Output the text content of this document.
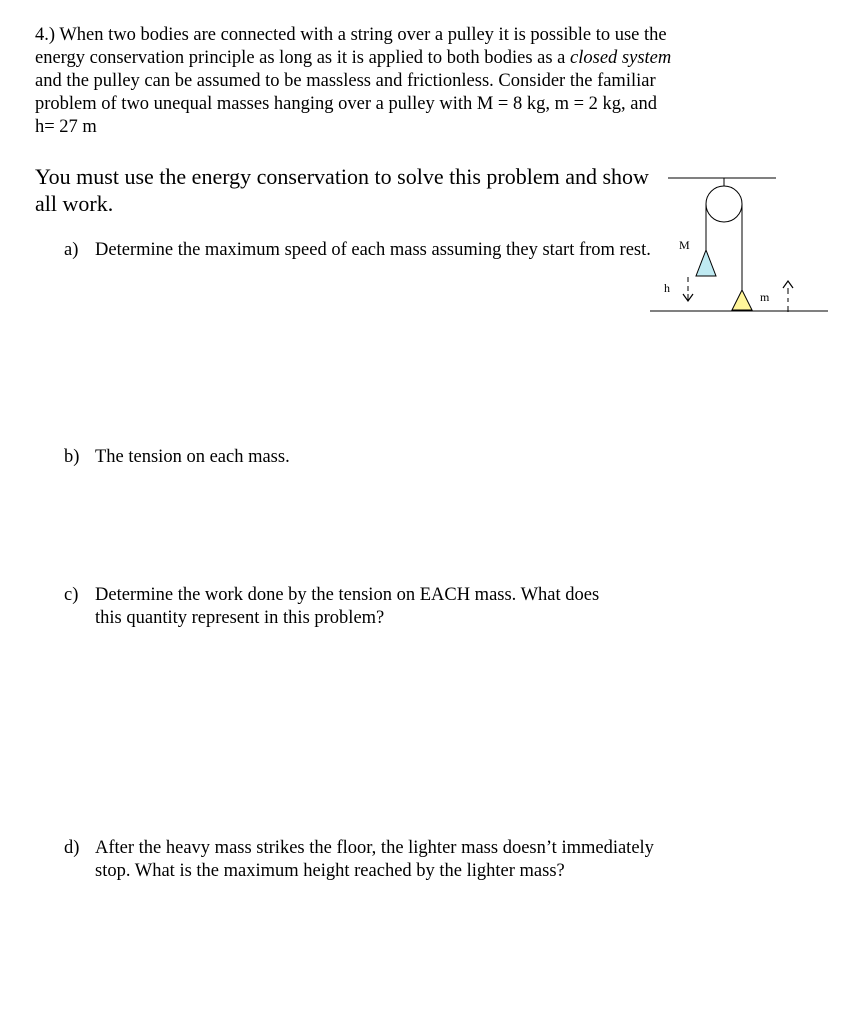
4.) When two bodies are connected with a string over a pulley it is possible to use the energy conservation principle as long as it is applied to both bodies as a closed system and the pulley can be assumed to be massless and frictionless. Consider the familiar problem of two unequal masses hanging over a pulley with M = 8 kg, m = 2 kg, and h= 27 m

You must use the energy conservation to solve this problem and show all work.

a) Determine the maximum speed of each mass assuming they start from rest.
b) The tension on each mass.
c) Determine the work done by the tension on EACH mass. What does this quantity represent in this problem?
d) After the heavy mass strikes the floor, the lighter mass doesn’t immediately stop. What is the maximum height reached by the lighter mass?
M
h
m
